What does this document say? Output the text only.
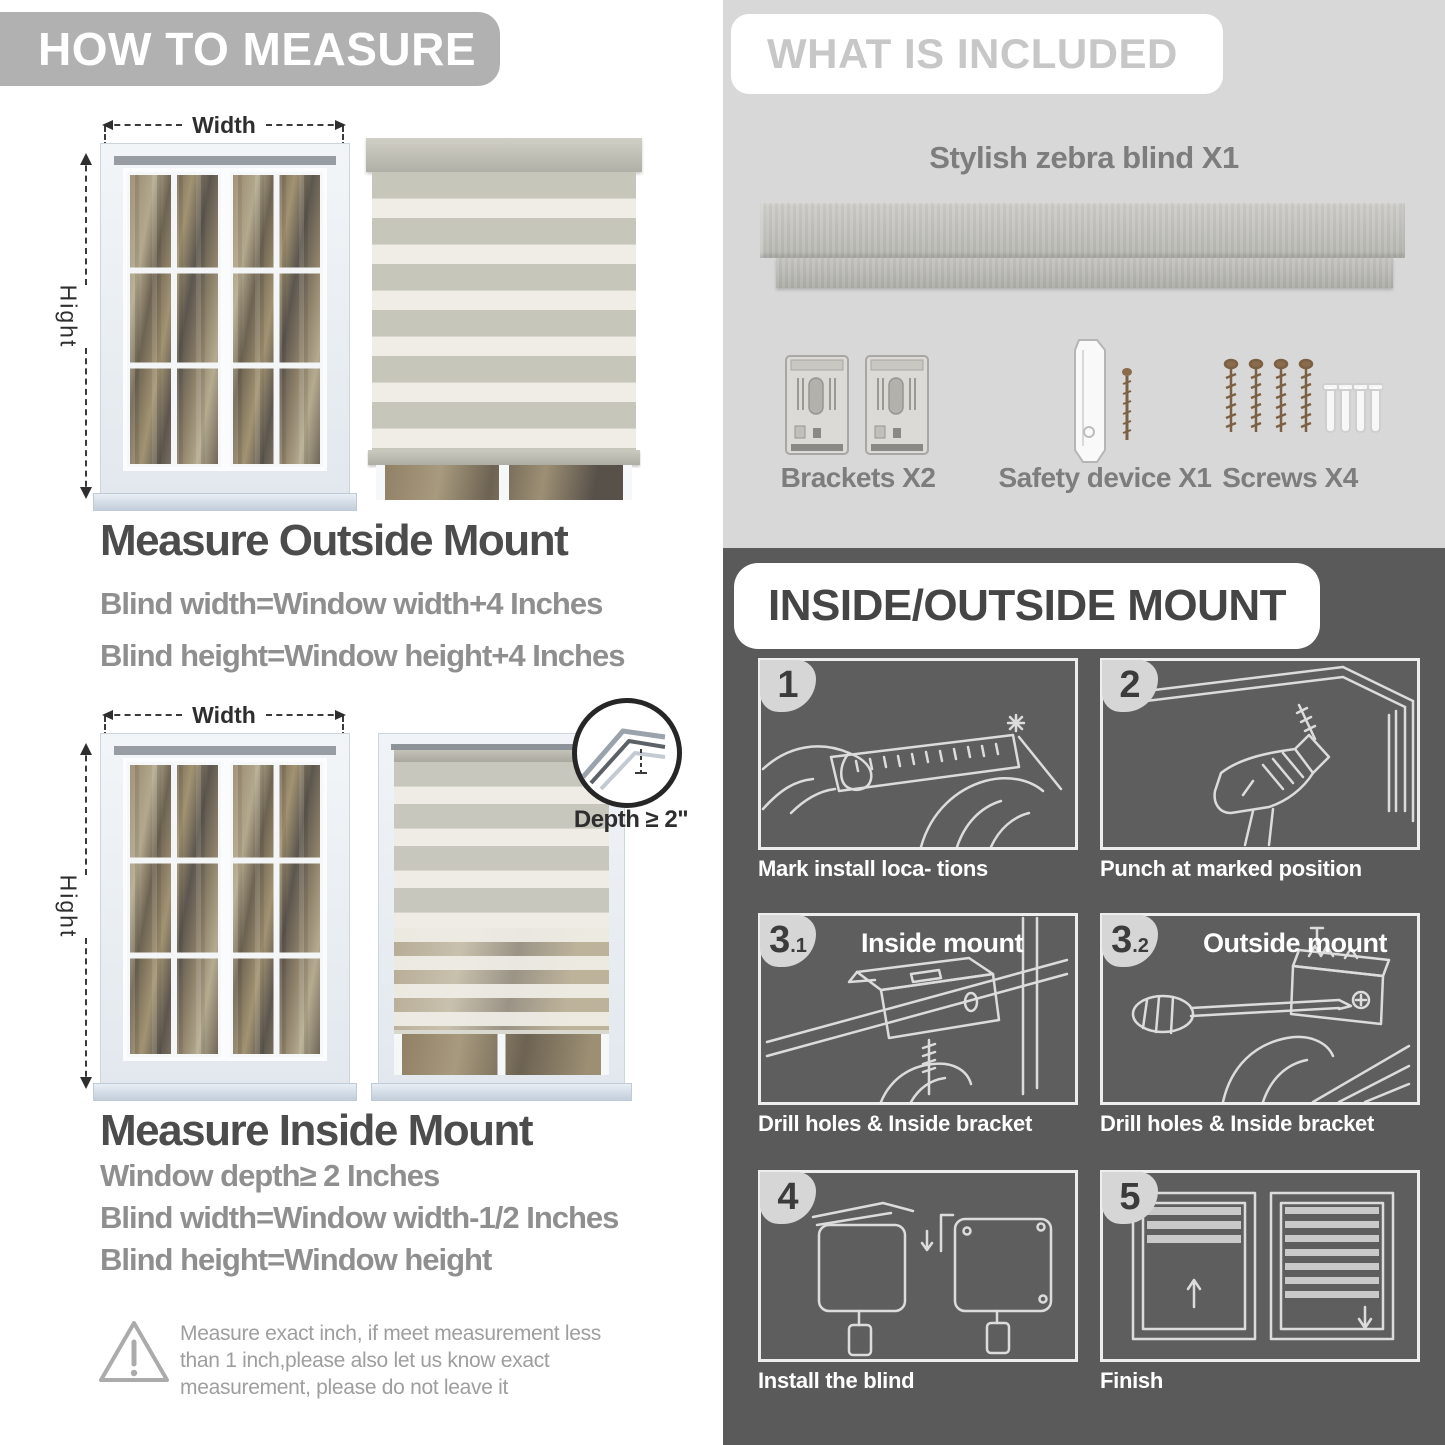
HOW TO MEASURE
Width
Hight
Measure Outside Mount
Blind width=Window width+4 Inches
Blind height=Window height+4 Inches
Width
Hight
Depth ≥ 2"
Measure Inside Mount
Window depth≥ 2 Inches
Blind width=Window width-1/2 Inches
Blind height=Window height
Measure exact inch, if meet measurement less
than 1 inch,please also let us know exact
measurement, please do not leave it
WHAT IS INCLUDED
Stylish zebra blind X1
Brackets X2	Safety device X1 Screws X4
INSIDE/OUTSIDE MOUNT
1
Mark install loca- tions
2
Punch at marked position
3 .1 Inside mount
Drill holes & Inside bracket
3 .2 Outside mount
Drill holes & Inside bracket
4
Install the blind
5
Finish
